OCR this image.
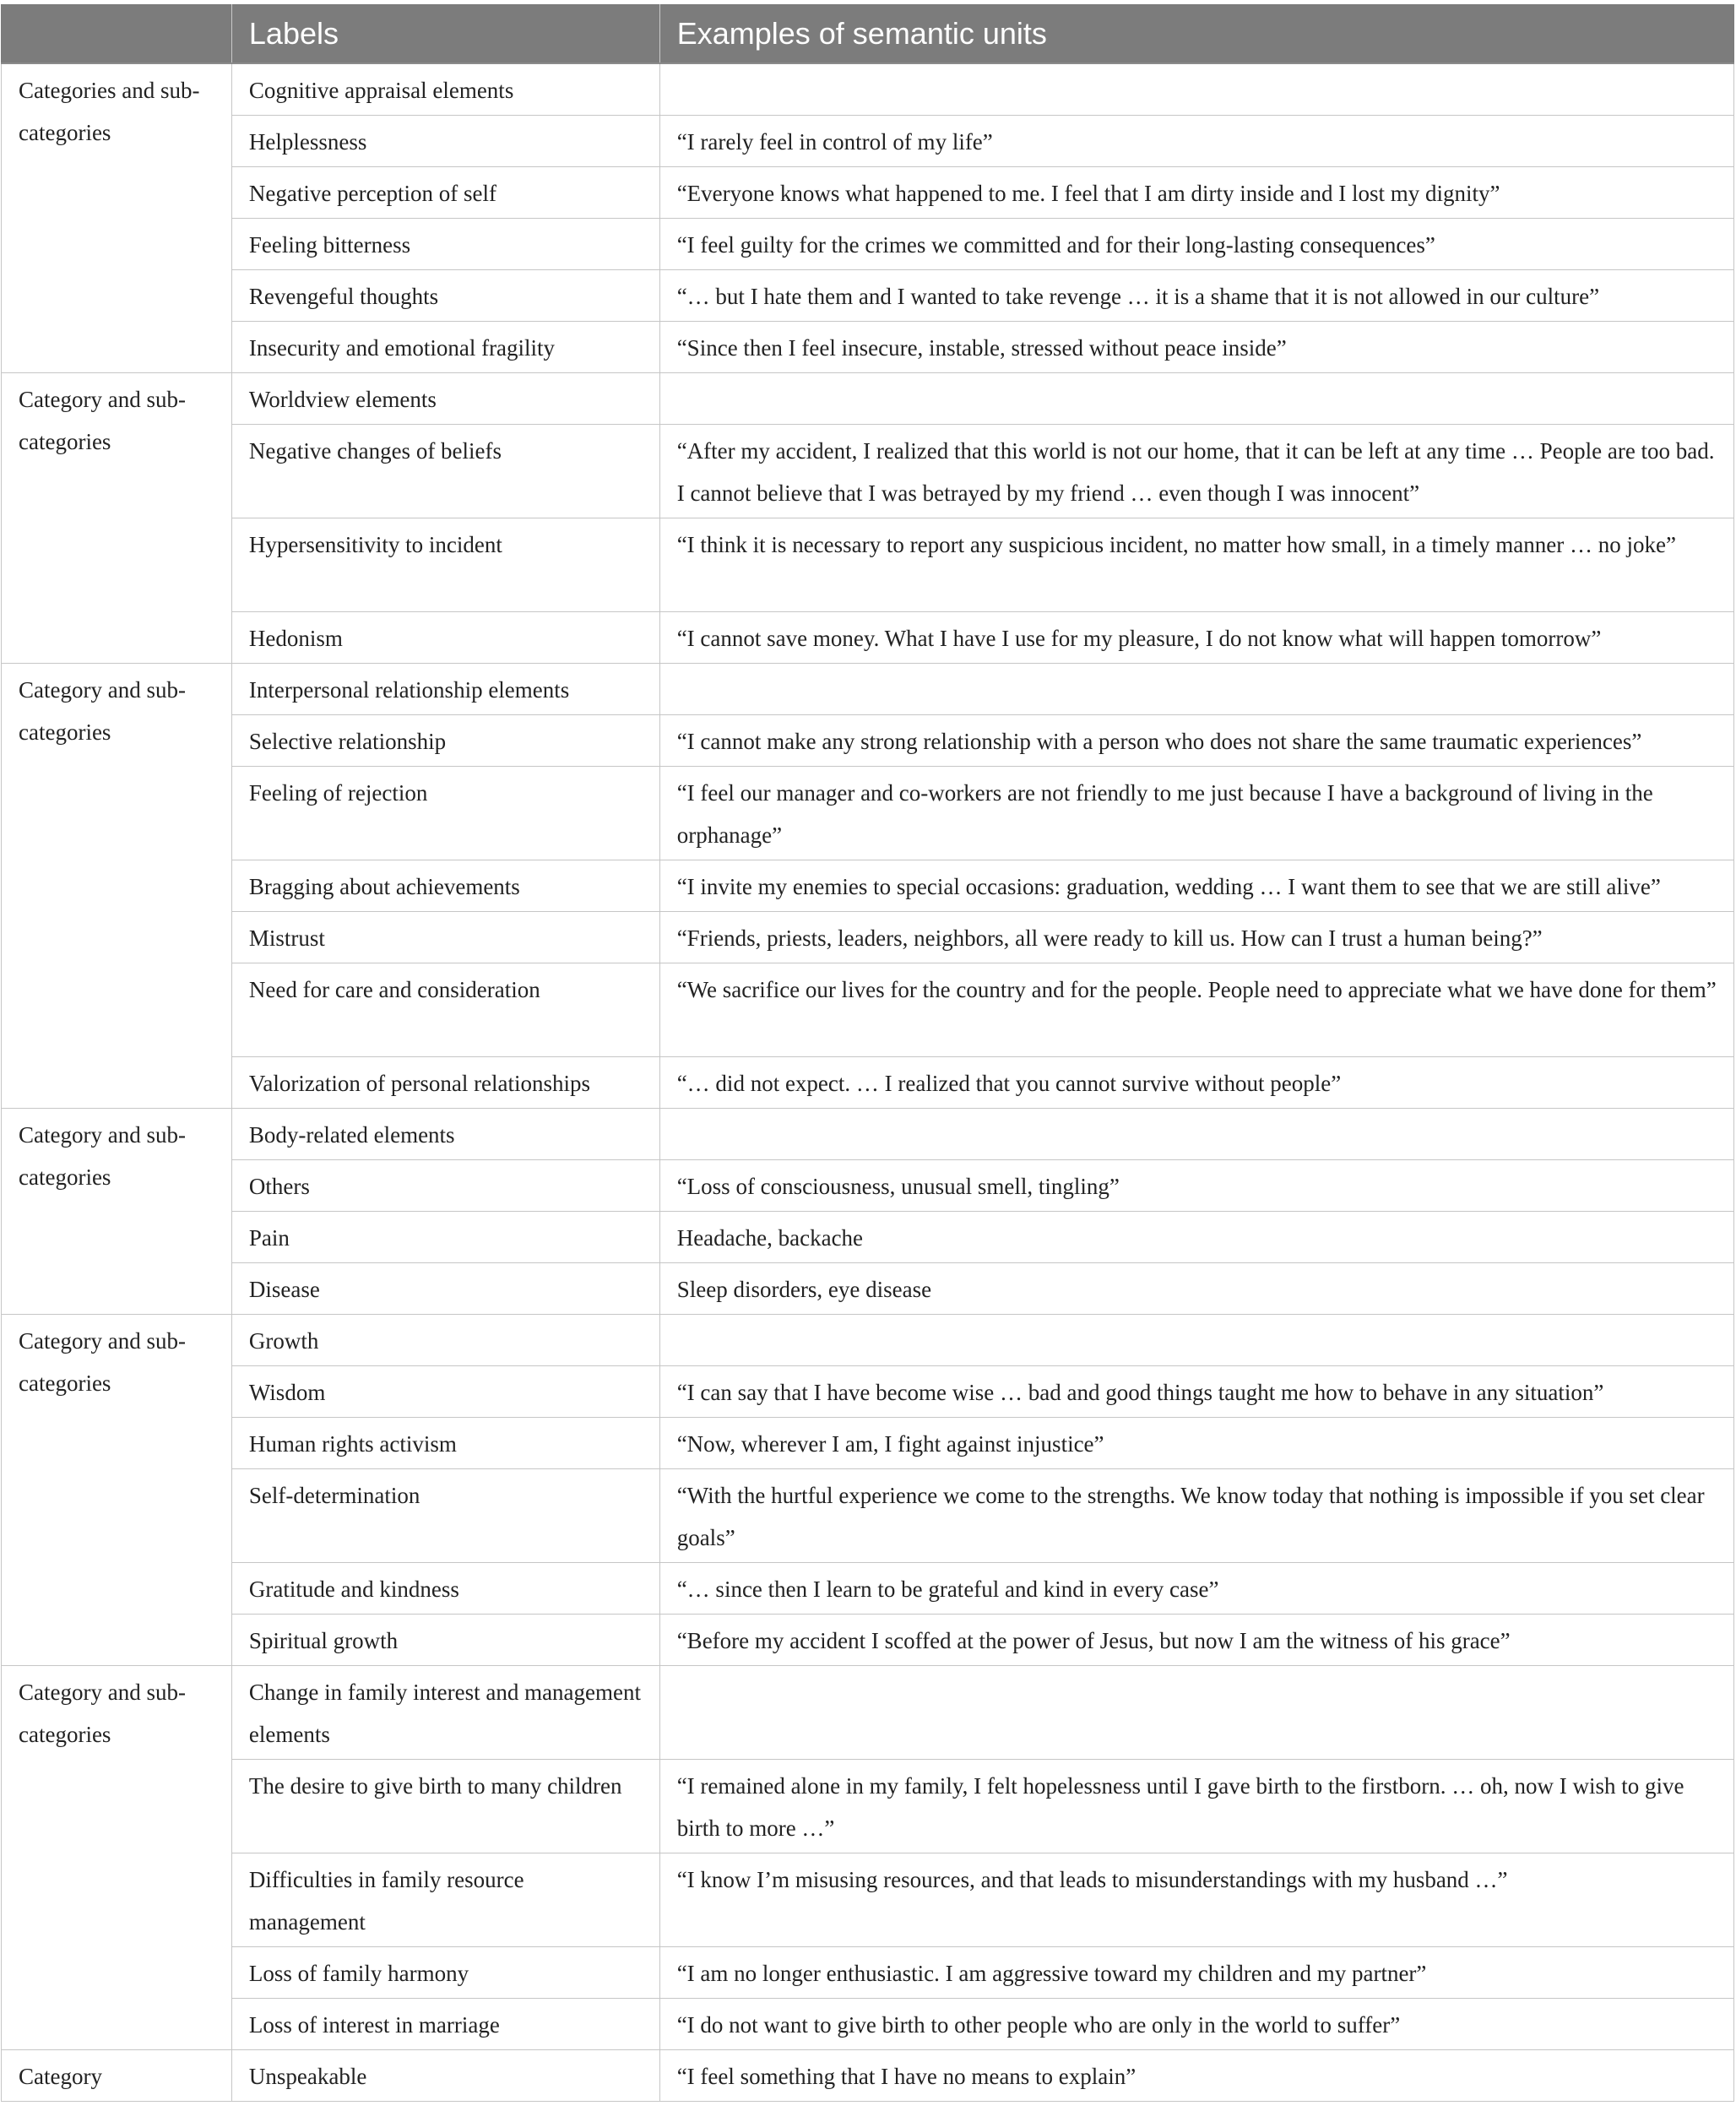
	Labels	Examples of semantic units
Categories and sub-categories	Cognitive appraisal elements	
	Helplessness	“I rarely feel in control of my life”
	Negative perception of self	“Everyone knows what happened to me. I feel that I am dirty inside and I lost my dignity”
	Feeling bitterness	“I feel guilty for the crimes we committed and for their long-lasting consequences”
	Revengeful thoughts	“… but I hate them and I wanted to take revenge … it is a shame that it is not allowed in our culture”
	Insecurity and emotional fragility	“Since then I feel insecure, instable, stressed without peace inside”
Category and sub-categories	Worldview elements	
	Negative changes of beliefs	“After my accident, I realized that this world is not our home, that it can be left at any time … People are too bad. I cannot believe that I was betrayed by my friend … even though I was innocent”
	Hypersensitivity to incident	“I think it is necessary to report any suspicious incident, no matter how small, in a timely manner … no joke”
	Hedonism	“I cannot save money. What I have I use for my pleasure, I do not know what will happen tomorrow”
Category and sub-categories	Interpersonal relationship elements	
	Selective relationship	“I cannot make any strong relationship with a person who does not share the same traumatic experiences”
	Feeling of rejection	“I feel our manager and co-workers are not friendly to me just because I have a background of living in the orphanage”
	Bragging about achievements	“I invite my enemies to special occasions: graduation, wedding … I want them to see that we are still alive”
	Mistrust	“Friends, priests, leaders, neighbors, all were ready to kill us. How can I trust a human being?”
	Need for care and consideration	“We sacrifice our lives for the country and for the people. People need to appreciate what we have done for them”
	Valorization of personal relationships	“… did not expect. … I realized that you cannot survive without people”
Category and sub-categories	Body-related elements	
	Others	“Loss of consciousness, unusual smell, tingling”
	Pain	Headache, backache
	Disease	Sleep disorders, eye disease
Category and sub-categories	Growth	
	Wisdom	“I can say that I have become wise … bad and good things taught me how to behave in any situation”
	Human rights activism	“Now, wherever I am, I fight against injustice”
	Self-determination	“With the hurtful experience we come to the strengths. We know today that nothing is impossible if you set clear goals”
	Gratitude and kindness	“… since then I learn to be grateful and kind in every case”
	Spiritual growth	“Before my accident I scoffed at the power of Jesus, but now I am the witness of his grace”
Category and sub-categories	Change in family interest and management elements	
	The desire to give birth to many children	“I remained alone in my family, I felt hopelessness until I gave birth to the firstborn. … oh, now I wish to give birth to more …”
	Difficulties in family resource management	“I know I’m misusing resources, and that leads to misunderstandings with my husband …”
	Loss of family harmony	“I am no longer enthusiastic. I am aggressive toward my children and my partner”
	Loss of interest in marriage	“I do not want to give birth to other people who are only in the world to suffer”
Category	Unspeakable	“I feel something that I have no means to explain”
